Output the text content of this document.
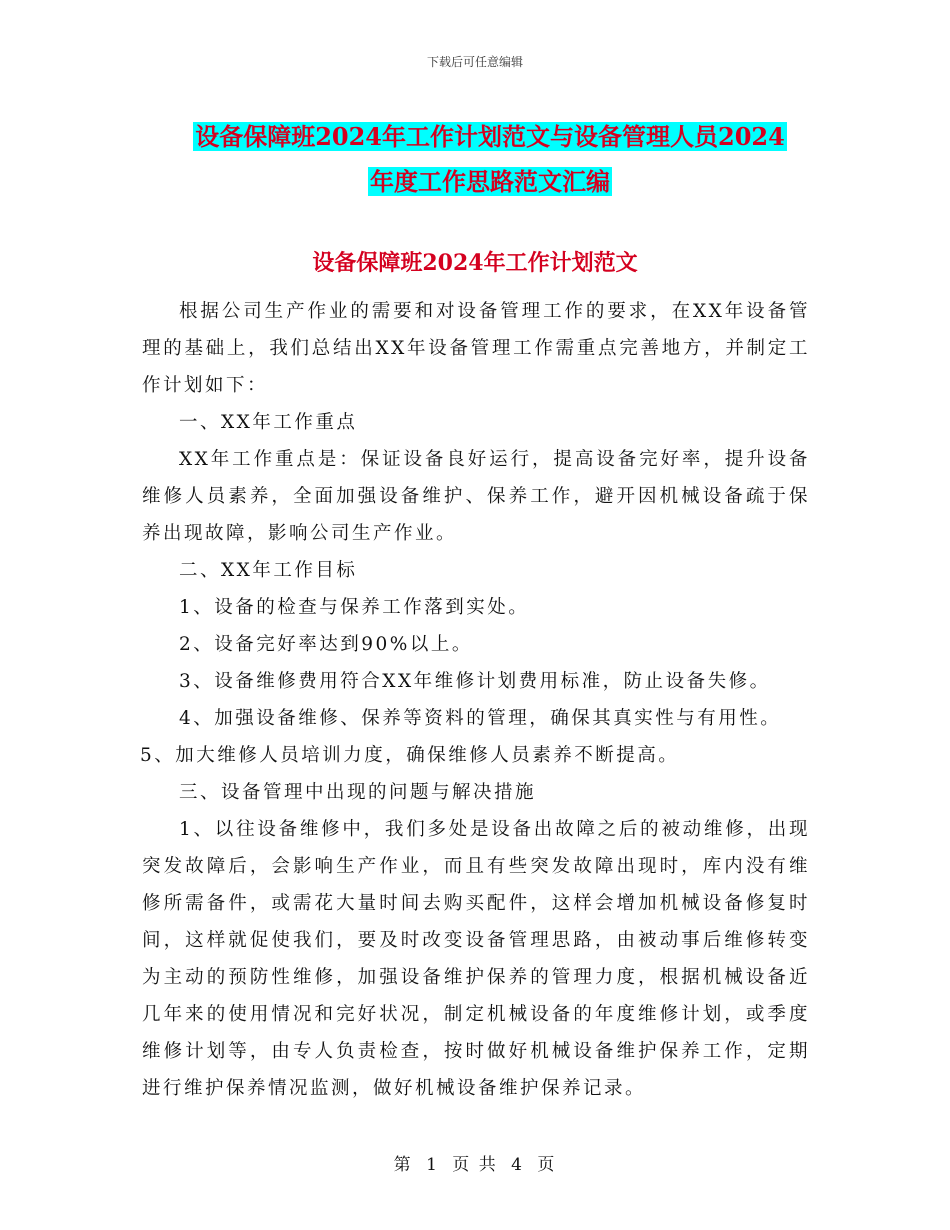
下载后可任意编辑
设备保障班2024年工作计划范文与设备管理人员2024
年度工作思路范文汇编
设备保障班2024年工作计划范文

根据公司生产作业的需要和对设备管理工作的要求，在XX年设备管理的基础上，我们总结出XX年设备管理工作需重点完善地方，并制定工作计划如下：

一、XX年工作重点

XX年工作重点是：保证设备良好运行，提高设备完好率，提升设备维修人员素养，全面加强设备维护、保养工作，避开因机械设备疏于保养出现故障，影响公司生产作业。

二、XX年工作目标

1、设备的检查与保养工作落到实处。

2、设备完好率达到90%以上。

3、设备维修费用符合XX年维修计划费用标准，防止设备失修。

4、加强设备维修、保养等资料的管理，确保其真实性与有用性。

5、加大维修人员培训力度，确保维修人员素养不断提高。

三、设备管理中出现的问题与解决措施

1、以往设备维修中，我们多处是设备出故障之后的被动维修，出现突发故障后，会影响生产作业，而且有些突发故障出现时，库内没有维修所需备件，或需花大量时间去购买配件，这样会增加机械设备修复时间，这样就促使我们，要及时改变设备管理思路，由被动事后维修转变为主动的预防性维修，加强设备维护保养的管理力度，根据机械设备近几年来的使用情况和完好状况，制定机械设备的年度维修计划，或季度维修计划等，由专人负责检查，按时做好机械设备维护保养工作，定期进行维护保养情况监测，做好机械设备维护保养记录。

第 1 页 共 4 页
